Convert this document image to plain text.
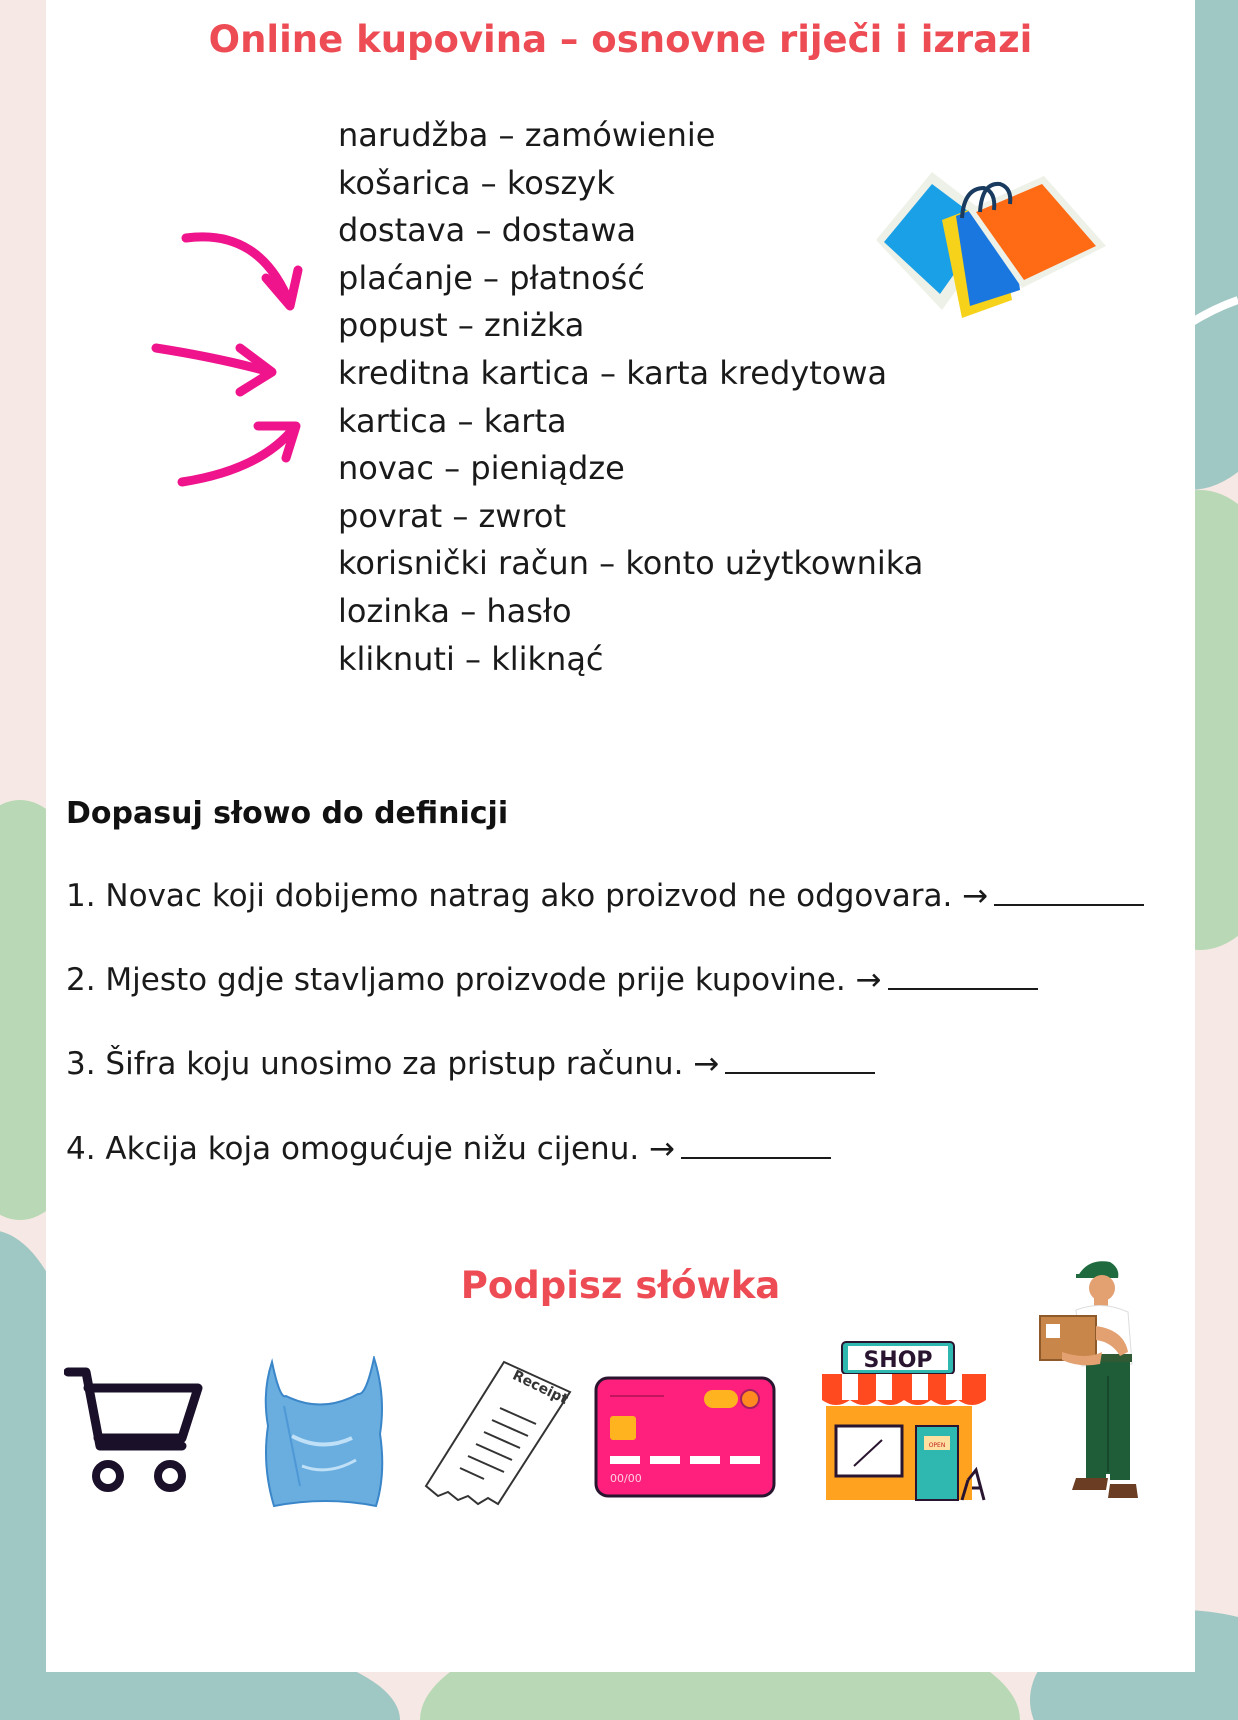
Online kupovina – osnovne riječi i izrazi
narudžba – zamówienie
košarica – koszyk
dostava – dostawa
plaćanje – płatność
popust – zniżka
kreditna kartica – karta kredytowa
kartica – karta
novac – pieniądze
povrat – zwrot
korisnički račun – konto użytkownika
lozinka – hasło
kliknuti – kliknąć
Dopasuj słowo do definicji
1. Novac koji dobijemo natrag ako proizvod ne odgovara. →
2. Mjesto gdje stavljamo proizvode prije kupovine. →
3. Šifra koju unosimo za pristup računu. →
4. Akcija koja omogućuje nižu cijenu. →
Podpisz słówka
Receipt
00/00
SHOP
OPEN
